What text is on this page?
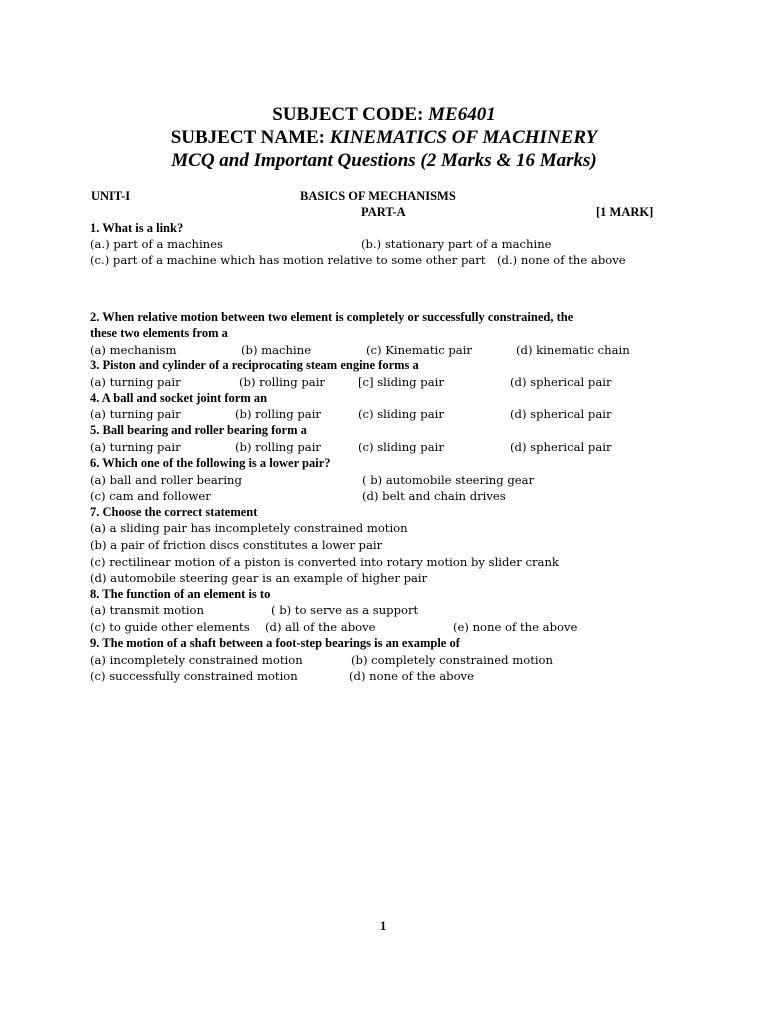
SUBJECT CODE: ME6401
SUBJECT NAME: KINEMATICS OF MACHINERY
MCQ and Important Questions (2 Marks & 16 Marks)
UNIT-I	BASICS OF MECHANISMS
PART-A	[1 MARK]
1. What is a link?
(a.) part of a machines	(b.) stationary part of a machine
(c.) part of a machine which has motion relative to some other part (d.) none of the above
2. When relative motion between two element is completely or successfully constrained, the
these two elements from a
(a) mechanism	(b) machine	(c) Kinematic pair	(d) kinematic chain
3. Piston and cylinder of a reciprocating steam engine forms a
(a) turning pair	(b) rolling pair	[c] sliding pair	(d) spherical pair
4. A ball and socket joint form an
(a) turning pair	(b) rolling pair	(c) sliding pair	(d) spherical pair
5. Ball bearing and roller bearing form a
(a) turning pair	(b) rolling pair	(c) sliding pair	(d) spherical pair
6. Which one of the following is a lower pair?
(a) ball and roller bearing	( b) automobile steering gear
(c) cam and follower	(d) belt and chain drives
7. Choose the correct statement
(a) a sliding pair has incompletely constrained motion
(b) a pair of friction discs constitutes a lower pair
(c) rectilinear motion of a piston is converted into rotary motion by slider crank
(d) automobile steering gear is an example of higher pair
8. The function of an element is to
(a) transmit motion	( b) to serve as a support
(c) to guide other elements (d) all of the above	(e) none of the above
9. The motion of a shaft between a foot-step bearings is an example of
(a) incompletely constrained motion	(b) completely constrained motion
(c) successfully constrained motion	(d) none of the above
1
